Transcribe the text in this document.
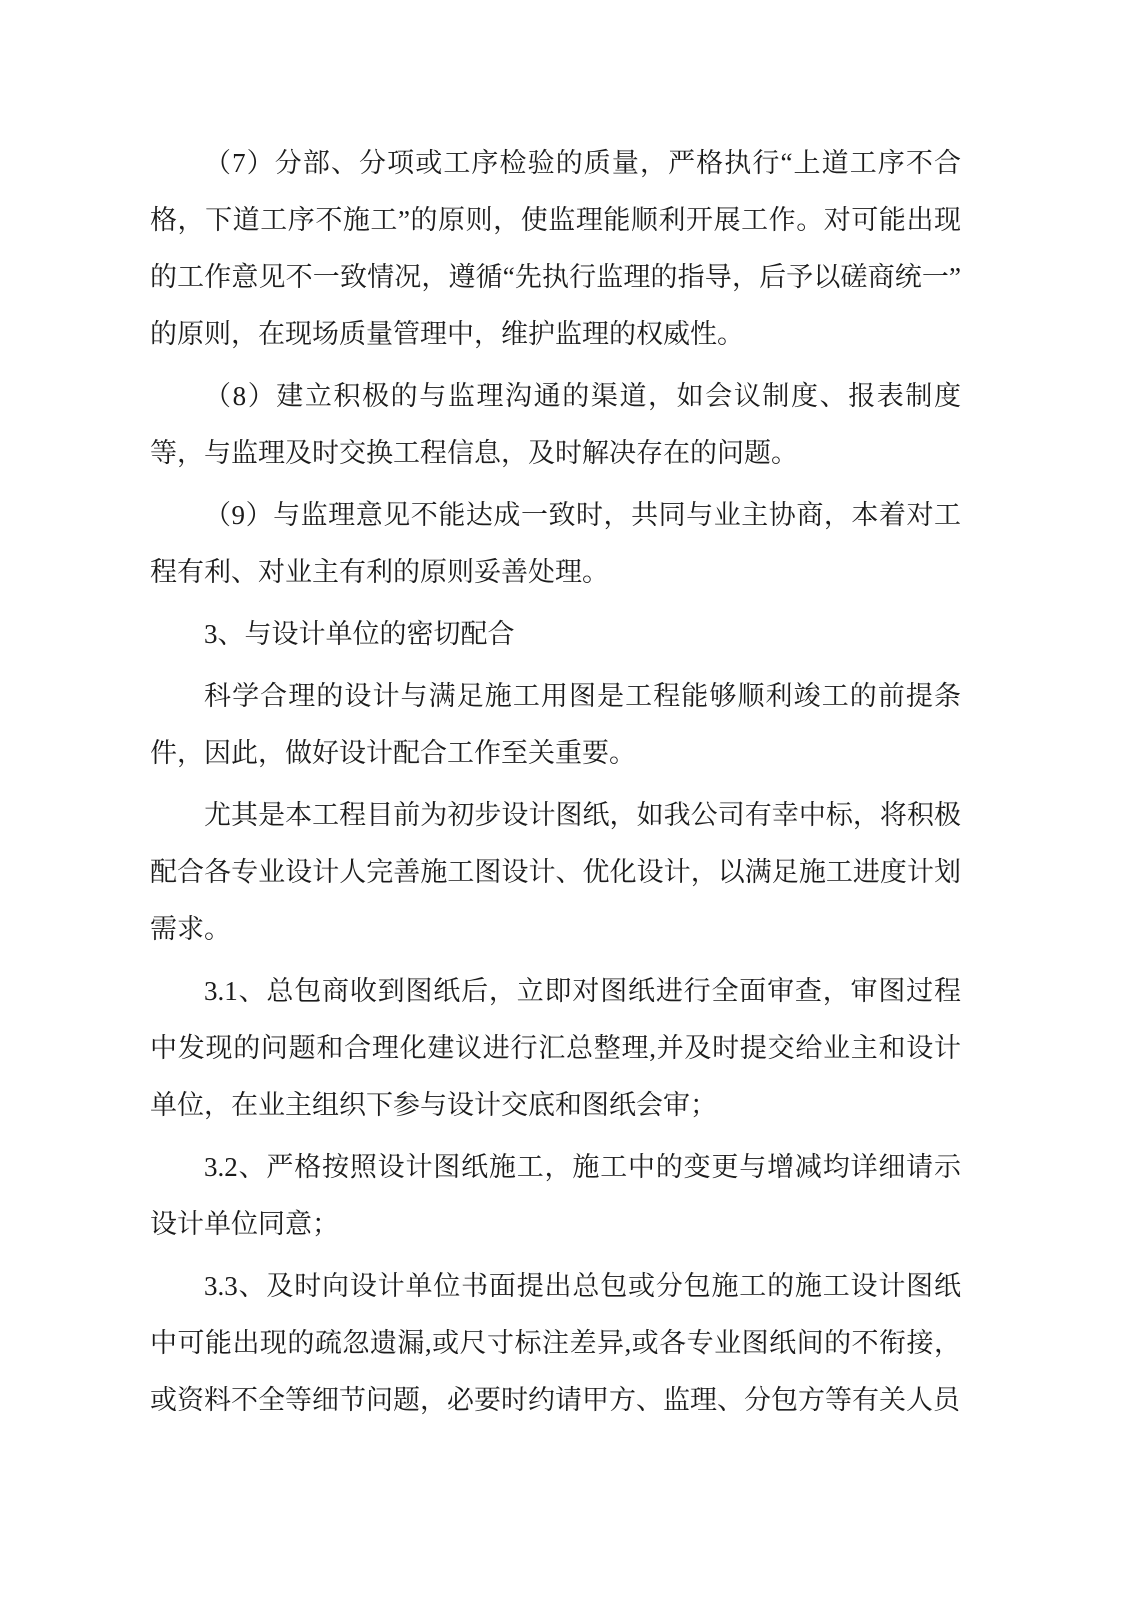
（7）分部、分项或工序检验的质量，严格执行“上道工序不合格，下道工序不施工”的原则，使监理能顺利开展工作。对可能出现的工作意见不一致情况，遵循“先执行监理的指导，后予以磋商统一”的原则，在现场质量管理中，维护监理的权威性。

（8）建立积极的与监理沟通的渠道，如会议制度、报表制度等，与监理及时交换工程信息，及时解决存在的问题。

（9）与监理意见不能达成一致时，共同与业主协商，本着对工程有利、对业主有利的原则妥善处理。

3、与设计单位的密切配合

科学合理的设计与满足施工用图是工程能够顺利竣工的前提条件，因此，做好设计配合工作至关重要。

尤其是本工程目前为初步设计图纸，如我公司有幸中标，将积极配合各专业设计人完善施工图设计、优化设计，以满足施工进度计划需求。

3.1、总包商收到图纸后，立即对图纸进行全面审查，审图过程中发现的问题和合理化建议进行汇总整理,并及时提交给业主和设计单位，在业主组织下参与设计交底和图纸会审；

3.2、严格按照设计图纸施工，施工中的变更与增减均详细请示设计单位同意；

3.3、及时向设计单位书面提出总包或分包施工的施工设计图纸中可能出现的疏忽遗漏,或尺寸标注差异,或各专业图纸间的不衔接，或资料不全等细节问题，必要时约请甲方、监理、分包方等有关人员
